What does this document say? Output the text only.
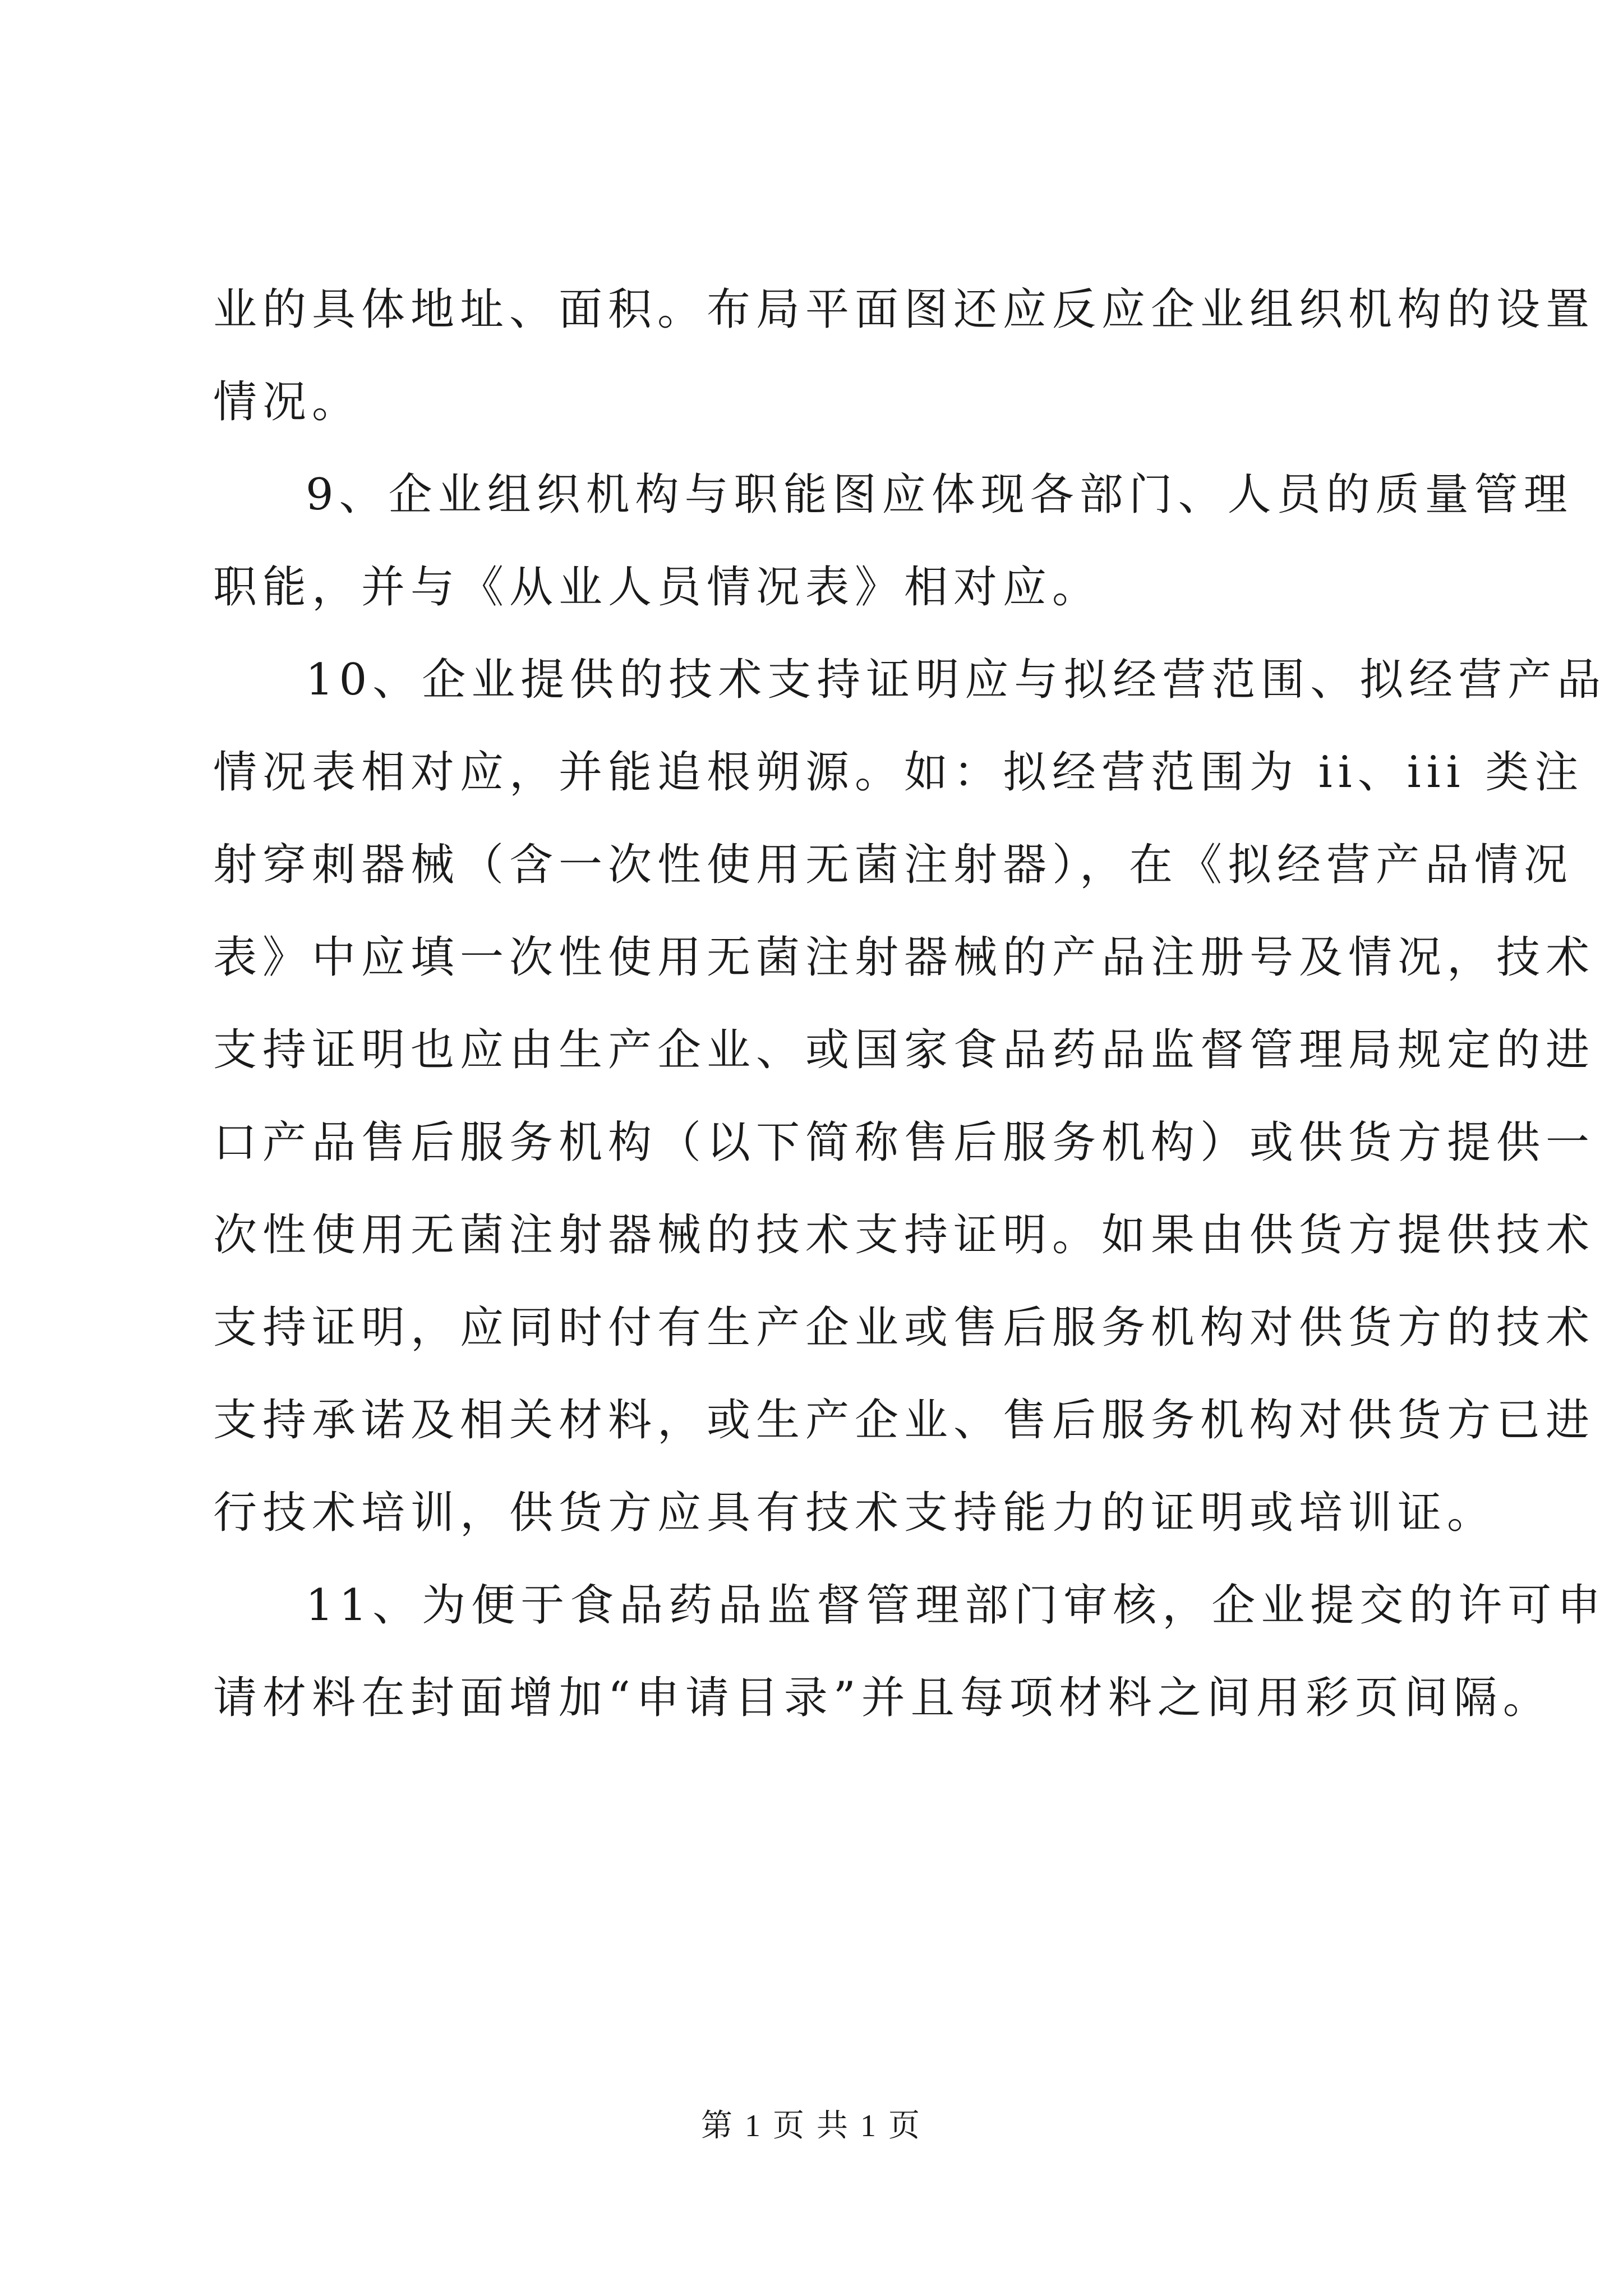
业的具体地址、面积。布局平面图还应反应企业组织机构的设置
情况。
9、企业组织机构与职能图应体现各部门、人员的质量管理
职能，并与《从业人员情况表》相对应。
10、企业提供的技术支持证明应与拟经营范围、拟经营产品
情况表相对应，并能追根朔源。如：拟经营范围为 ii、iii 类注
射穿刺器械（含一次性使用无菌注射器），在《拟经营产品情况
表》中应填一次性使用无菌注射器械的产品注册号及情况，技术
支持证明也应由生产企业、或国家食品药品监督管理局规定的进
口产品售后服务机构（以下简称售后服务机构）或供货方提供一
次性使用无菌注射器械的技术支持证明。如果由供货方提供技术
支持证明，应同时付有生产企业或售后服务机构对供货方的技术
支持承诺及相关材料，或生产企业、售后服务机构对供货方已进
行技术培训，供货方应具有技术支持能力的证明或培训证。
11、为便于食品药品监督管理部门审核，企业提交的许可申
请材料在封面增加“申请目录”并且每项材料之间用彩页间隔。
第 1 页 共 1 页
